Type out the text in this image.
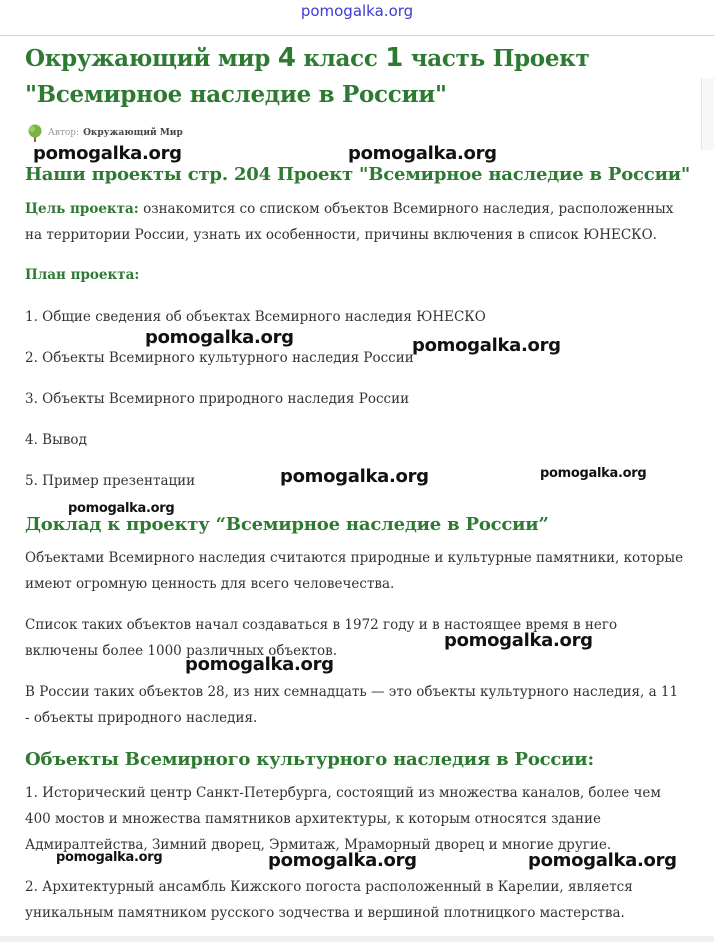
pomogalka.org
Окружающий мир 4 класс 1 часть Проект
"Всемирное наследие в России"
Автор: Окружающий Мир
Наши проекты стр. 204 Проект "Всемирное наследие в России"
Цель проекта: ознакомится со списком объектов Всемирного наследия, расположенных на территории России, узнать их особенности, причины включения в список ЮНЕСКО.
План проекта:
1. Общие сведения об объектах Всемирного наследия ЮНЕСКО
2. Объекты Всемирного культурного наследия России
3. Объекты Всемирного природного наследия России
4. Вывод
5. Пример презентации
Доклад к проекту “Всемирное наследие в России”
Объектами Всемирного наследия считаются природные и культурные памятники, которые имеют огромную ценность для всего человечества.
Список таких объектов начал создаваться в 1972 году и в настоящее время в него включены более 1000 различных объектов.
В России таких объектов 28, из них семнадцать — это объекты культурного наследия, а 11 - объекты природного наследия.
Объекты Всемирного культурного наследия в России:
1. Исторический центр Санкт-Петербурга, состоящий из множества каналов, более чем 400 мостов и множества памятников архитектуры, к которым относятся здание Адмиралтейства, Зимний дворец, Эрмитаж, Мраморный дворец и многие другие.
2. Архитектурный ансамбль Кижского погоста расположенный в Карелии, является уникальным памятником русского зодчества и вершиной плотницкого мастерства.
pomogalka.org	pomogalka.org
pomogalka.org	pomogalka.org
pomogalka.org	pomogalka.org
pomogalka.org
pomogalka.org
pomogalka.org
pomogalka.org	pomogalka.org	pomogalka.org
